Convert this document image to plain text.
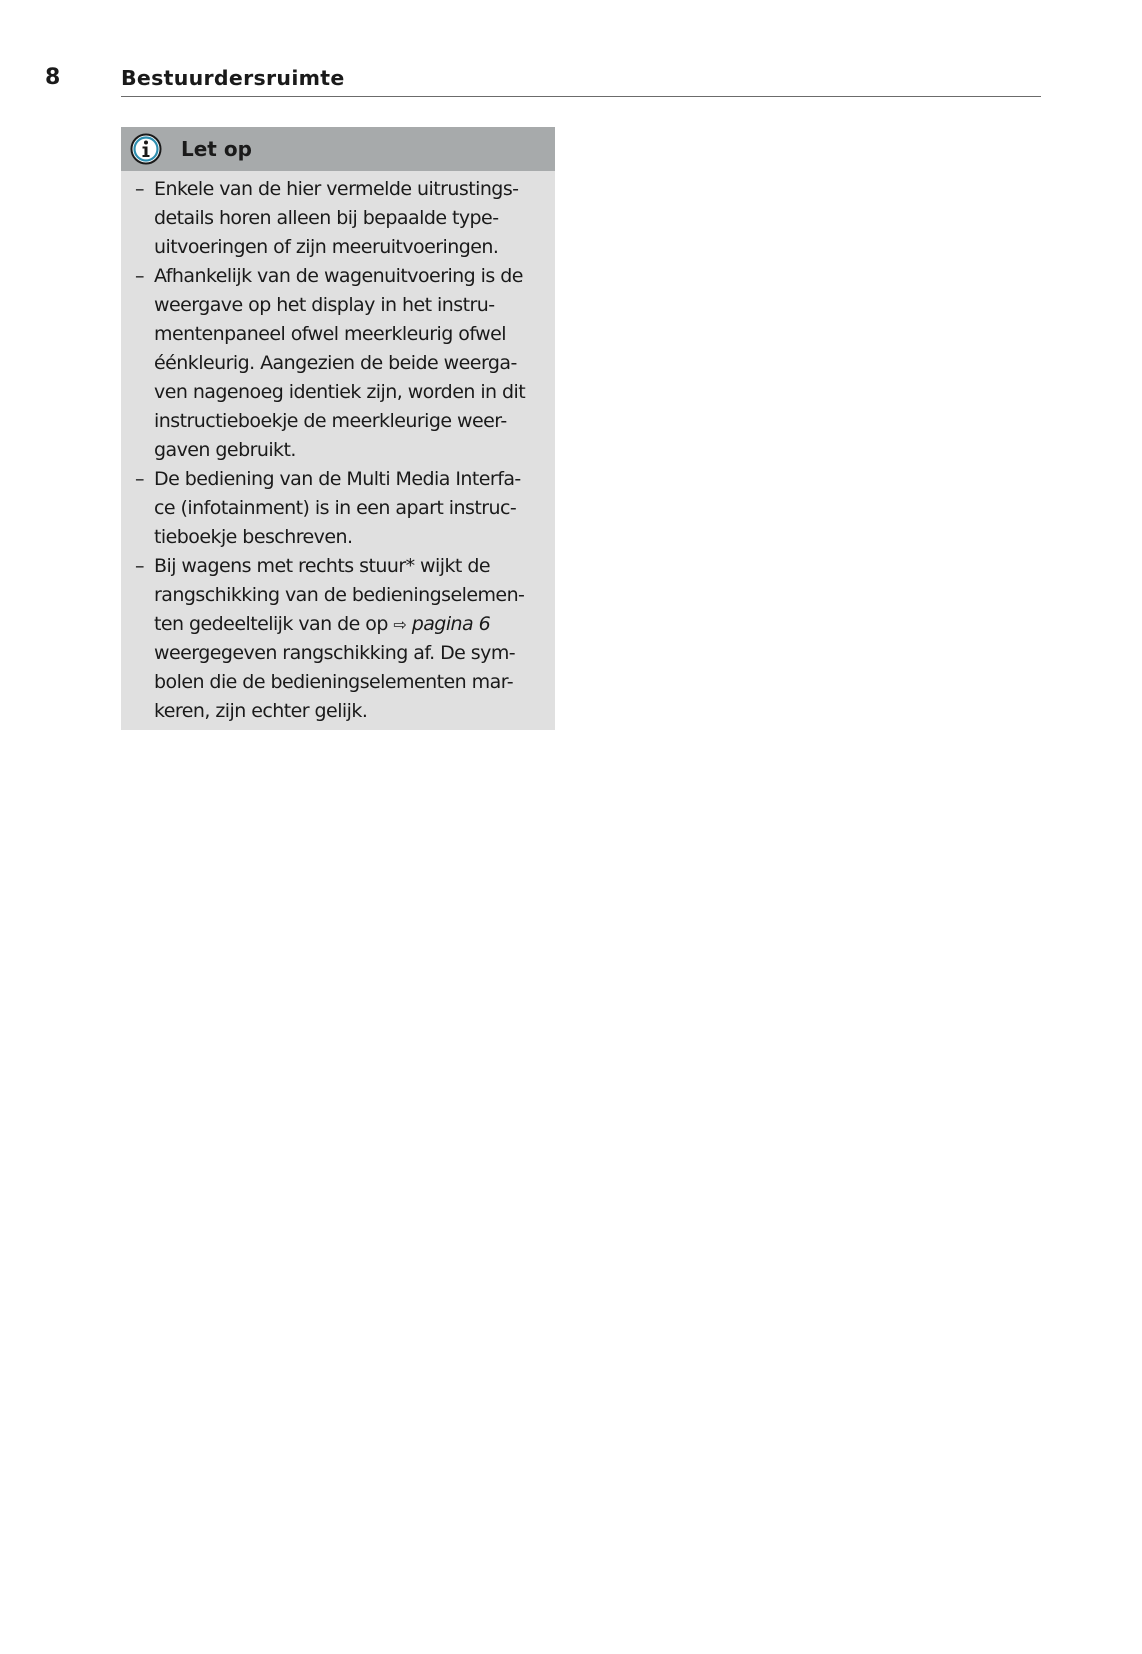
8	Bestuurdersruimte
Let op
– Enkele van de hier vermelde uitrustings-
details horen alleen bij bepaalde type-
uitvoeringen of zijn meeruitvoeringen.
– Afhankelijk van de wagenuitvoering is de
weergave op het display in het instru-
mentenpaneel ofwel meerkleurig ofwel
éénkleurig. Aangezien de beide weerga-
ven nagenoeg identiek zijn, worden in dit
instructieboekje de meerkleurige weer-
gaven gebruikt.
– De bediening van de Multi Media Interfa-
ce (infotainment) is in een apart instruc-
tieboekje beschreven.
– Bij wagens met rechts stuur* wijkt de
rangschikking van de bedieningselemen-
ten gedeeltelijk van de op ⇨ pagina 6
weergegeven rangschikking af. De sym-
bolen die de bedieningselementen mar-
keren, zijn echter gelijk.
